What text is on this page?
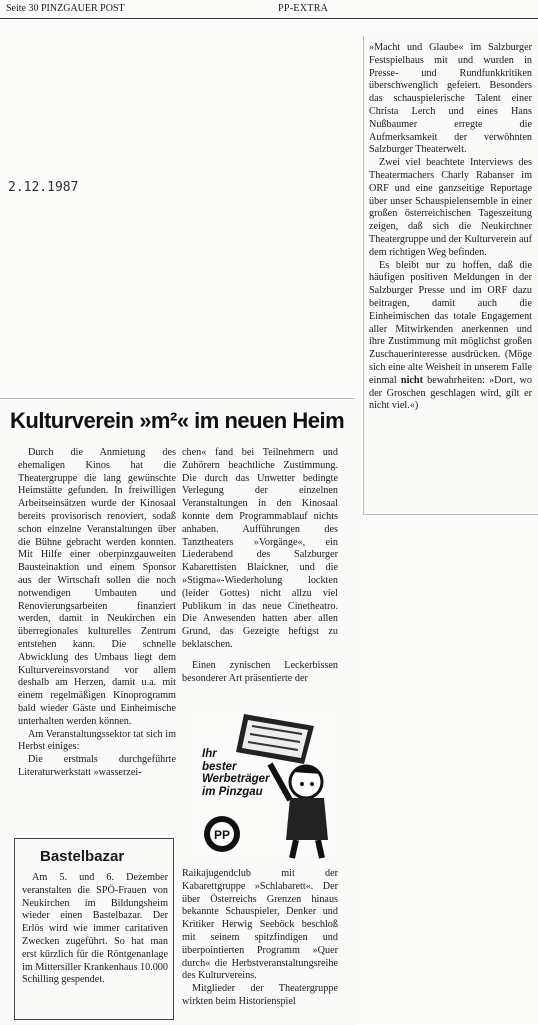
Seite 30 PINZGAUER POST	PP-EXTRA
2.12.1987

»Macht und Glaube« im Salzburger Festspielhaus mit und wurden in Presse- und Rundfunkkritiken überschwenglich gefeiert. Besonders das schauspielerische Talent einer Christa Lerch und eines Hans Nußbaumer erregte die Aufmerksamkeit der verwöhnten Salzburger Theaterwelt.

Zwei viel beachtete Interviews des Theatermachers Charly Rabanser im ORF und eine ganzseitige Reportage über unser Schauspielensemble in einer großen österreichischen Tageszeitung zeigen, daß sich die Neukirchner Theatergruppe und der Kulturverein auf dem richtigen Weg befinden.

Es bleibt nur zu hoffen, daß die häufigen positiven Meldungen in der Salzburger Presse und im ORF dazu beitragen, damit auch die Einheimischen das totale Engagement aller Mitwirkenden anerkennen und ihre Zustimmung mit möglichst großen Zuschauerinteresse ausdrücken. (Möge sich eine alte Weisheit in unserem Falle einmal nicht bewahrheiten: »Dort, wo der Groschen geschlagen wird, gilt er nicht viel.«)

Kulturverein »m²« im neuen Heim

Durch die Anmietung des ehemaligen Kinos hat die Theatergruppe die lang gewünschte Heimstätte gefunden. In freiwilligen Arbeitseinsätzen wurde der Kinosaal bereits provisorisch renoviert, sodaß schon einzelne Veranstaltungen über die Bühne gebracht werden konnten. Mit Hilfe einer oberpinzgauweiten Bausteinaktion und einem Sponsor aus der Wirtschaft sollen die noch notwendigen Umbauten und Renovierungsarbeiten finanziert werden, damit in Neukirchen ein überregionales kulturelles Zentrum entstehen kann. Die schnelle Abwicklung des Umbaus liegt dem Kulturvereinsvorstand vor allem deshalb am Herzen, damit u.a. mit einem regelmäßigen Kinoprogramm bald wieder Gäste und Einheimische unterhalten werden können.

Am Veranstaltungssektor tat sich im Herbst einiges:

Die erstmals durchgeführte Literaturwerkstatt »wasserzei-

chen« fand bei Teilnehmern und Zuhörern beachtliche Zustimmung. Die durch das Unwetter bedingte Verlegung der einzelnen Veranstaltungen in den Kinosaal konnte dem Programmablauf nichts anhaben. Aufführungen des Tanztheaters »Vorgänge«, ein Liederabend des Salzburger Kabarettisten Blaickner, und die »Stigma«-Wiederholung lockten (leider Gottes) nicht allzu viel Publikum in das neue Cinetheatro. Die Anwesenden hatten aber allen Grund, das Gezeigte heftigst zu beklatschen.

Einen zynischen Leckerbissen besonderer Art präsentierte der

PP
Ihr
bester
Werbeträger
im Pinzgau

Raikajugendclub mit der Kabarettgruppe »Schlabarett«. Der über Österreichs Grenzen hinaus bekannte Schauspieler, Denker und Kritiker Herwig Seeböck beschloß mit seinem spitzfindigen und überpointierten Programm »Quer durch« die Herbstveranstaltungsreihe des Kulturvereins.

Mitglieder der Theatergruppe wirkten beim Historienspiel

Bastelbazar

Am 5. und 6. Dezember veranstalten die SPÖ-Frauen von Neukirchen im Bildungsheim wieder einen Bastelbazar. Der Erlös wird wie immer caritativen Zwecken zugeführt. So hat man erst kürzlich für die Röntgenanlage im Mittersiller Krankenhaus 10.000 Schilling gespendet.
